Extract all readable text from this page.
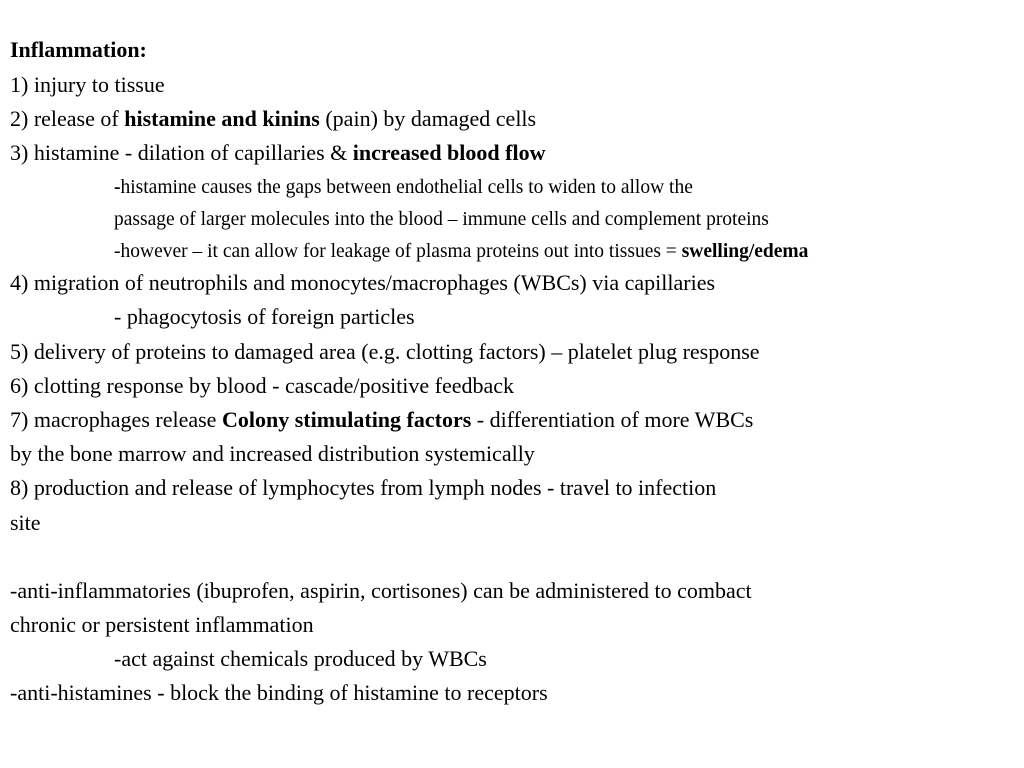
Inflammation:
1) injury to tissue
2) release of histamine and kinins (pain) by damaged cells
3) histamine - dilation of capillaries & increased blood flow
-histamine causes the gaps between endothelial cells to widen to allow the
passage of larger molecules into the blood – immune cells and complement proteins
-however – it can allow for leakage of plasma proteins out into tissues = swelling/edema
4) migration of neutrophils and monocytes/macrophages (WBCs) via capillaries
- phagocytosis of foreign particles
5) delivery of proteins to damaged area (e.g. clotting factors) – platelet plug response
6) clotting response by blood - cascade/positive feedback
7) macrophages release Colony stimulating factors - differentiation of more WBCs
by the bone marrow and increased distribution systemically
8) production and release of lymphocytes from lymph nodes - travel to infection
site
-anti-inflammatories (ibuprofen, aspirin, cortisones) can be administered to combact
chronic or persistent inflammation
-act against chemicals produced by WBCs
-anti-histamines - block the binding of histamine to receptors
